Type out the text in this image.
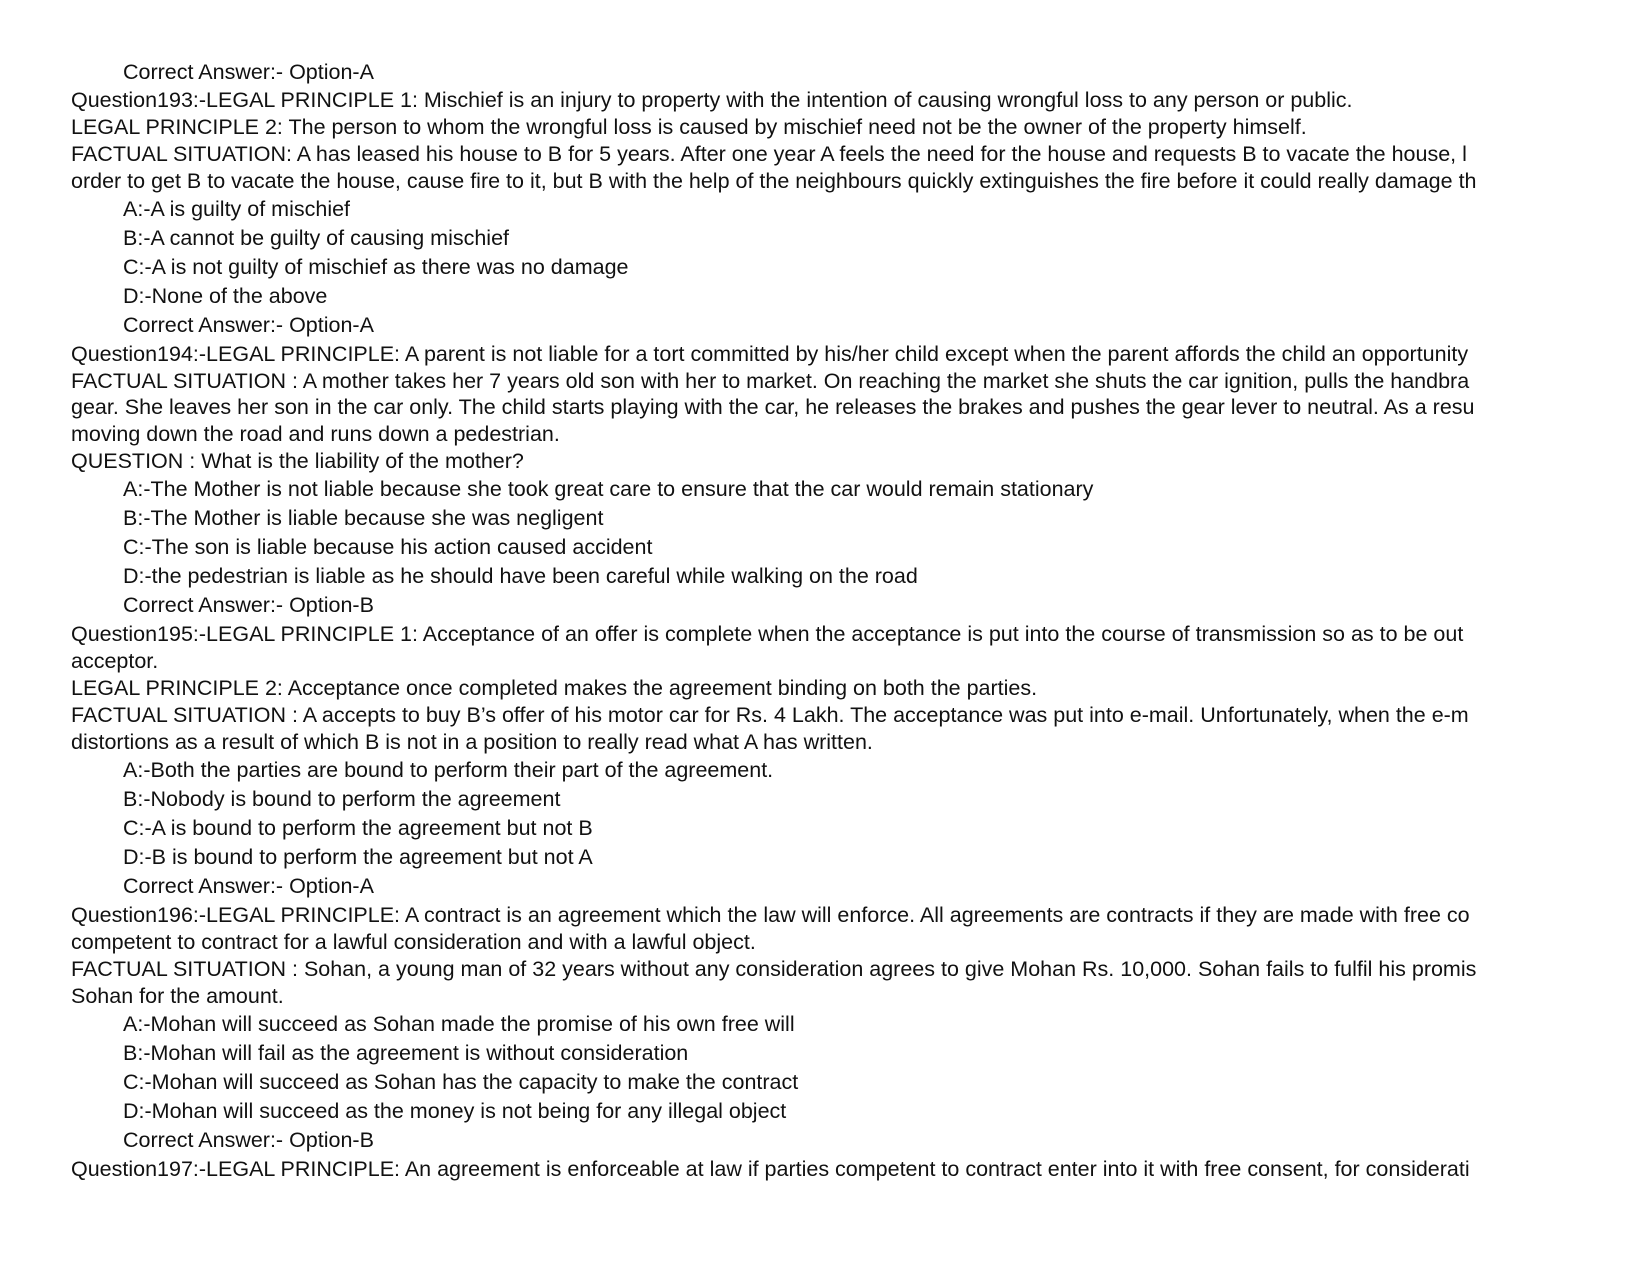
Correct Answer:- Option-A
Question193:-LEGAL PRINCIPLE 1: Mischief is an injury to property with the intention of causing wrongful loss to any person or public.
LEGAL PRINCIPLE 2: The person to whom the wrongful loss is caused by mischief need not be the owner of the property himself.
FACTUAL SITUATION: A has leased his house to B for 5 years. After one year A feels the need for the house and requests B to vacate the house, l
order to get B to vacate the house, cause fire to it, but B with the help of the neighbours quickly extinguishes the fire before it could really damage th
A:-A is guilty of mischief
B:-A cannot be guilty of causing mischief
C:-A is not guilty of mischief as there was no damage
D:-None of the above
Correct Answer:- Option-A
Question194:-LEGAL PRINCIPLE: A parent is not liable for a tort committed by his/her child except when the parent affords the child an opportunity
FACTUAL SITUATION : A mother takes her 7 years old son with her to market. On reaching the market she shuts the car ignition, pulls the handbra
gear. She leaves her son in the car only. The child starts playing with the car, he releases the brakes and pushes the gear lever to neutral. As a resu
moving down the road and runs down a pedestrian.
QUESTION : What is the liability of the mother?
A:-The Mother is not liable because she took great care to ensure that the car would remain stationary
B:-The Mother is liable because she was negligent
C:-The son is liable because his action caused accident
D:-the pedestrian is liable as he should have been careful while walking on the road
Correct Answer:- Option-B
Question195:-LEGAL PRINCIPLE 1: Acceptance of an offer is complete when the acceptance is put into the course of transmission so as to be out
acceptor.
LEGAL PRINCIPLE 2: Acceptance once completed makes the agreement binding on both the parties.
FACTUAL SITUATION : A accepts to buy B’s offer of his motor car for Rs. 4 Lakh. The acceptance was put into e-mail. Unfortunately, when the e-m
distortions as a result of which B is not in a position to really read what A has written.
A:-Both the parties are bound to perform their part of the agreement.
B:-Nobody is bound to perform the agreement
C:-A is bound to perform the agreement but not B
D:-B is bound to perform the agreement but not A
Correct Answer:- Option-A
Question196:-LEGAL PRINCIPLE: A contract is an agreement which the law will enforce. All agreements are contracts if they are made with free co
competent to contract for a lawful consideration and with a lawful object.
FACTUAL SITUATION : Sohan, a young man of 32 years without any consideration agrees to give Mohan Rs. 10,000. Sohan fails to fulfil his promis
Sohan for the amount.
A:-Mohan will succeed as Sohan made the promise of his own free will
B:-Mohan will fail as the agreement is without consideration
C:-Mohan will succeed as Sohan has the capacity to make the contract
D:-Mohan will succeed as the money is not being for any illegal object
Correct Answer:- Option-B
Question197:-LEGAL PRINCIPLE: An agreement is enforceable at law if parties competent to contract enter into it with free consent, for considerati
